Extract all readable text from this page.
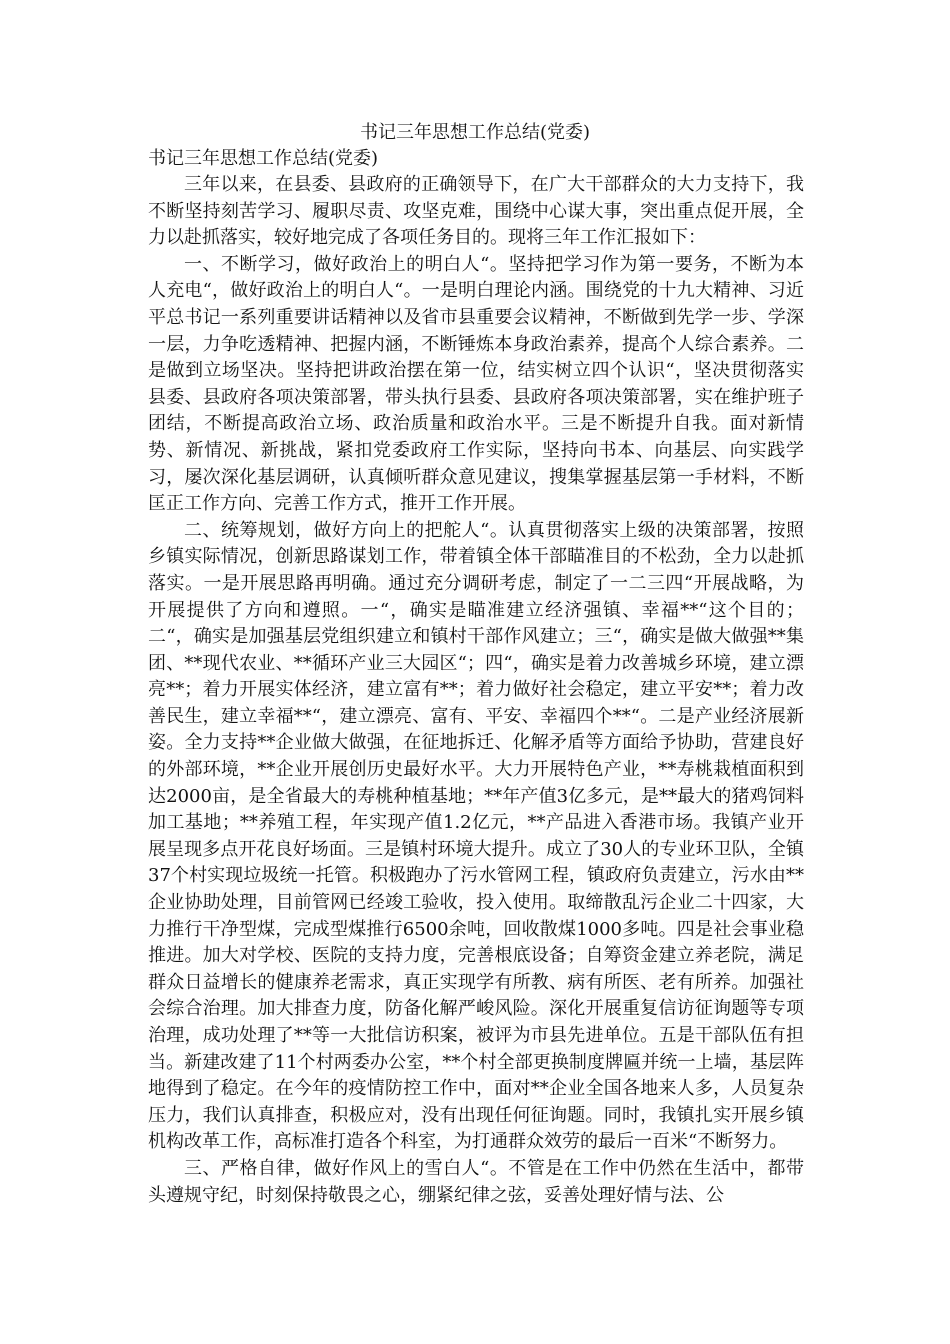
书记三年思想工作总结(党委)
书记三年思想工作总结(党委)

三年以来，在县委、县政府的正确领导下，在广大干部群众的大力支持下，我不断坚持刻苦学习、履职尽责、攻坚克难，围绕中心谋大事，突出重点促开展，全力以赴抓落实，较好地完成了各项任务目的。现将三年工作汇报如下：

一、不断学习，做好政治上的明白人“。坚持把学习作为第一要务，不断为本人充电“，做好政治上的明白人“。一是明白理论内涵。围绕党的十九大精神、习近平总书记一系列重要讲话精神以及省市县重要会议精神，不断做到先学一步、学深一层，力争吃透精神、把握内涵，不断锤炼本身政治素养，提高个人综合素养。二是做到立场坚决。坚持把讲政治摆在第一位，结实树立四个认识“，坚决贯彻落实县委、县政府各项决策部署，带头执行县委、县政府各项决策部署，实在维护班子团结，不断提高政治立场、政治质量和政治水平。三是不断提升自我。面对新情势、新情况、新挑战，紧扣党委政府工作实际，坚持向书本、向基层、向实践学习，屡次深化基层调研，认真倾听群众意见建议，搜集掌握基层第一手材料，不断匡正工作方向、完善工作方式，推开工作开展。

二、统筹规划，做好方向上的把舵人“。认真贯彻落实上级的决策部署，按照乡镇实际情况，创新思路谋划工作，带着镇全体干部瞄准目的不松劲，全力以赴抓落实。一是开展思路再明确。通过充分调研考虑，制定了一二三四“开展战略，为开展提供了方向和遵照。一“，确实是瞄准建立经济强镇、幸福**“这个目的；二“，确实是加强基层党组织建立和镇村干部作风建立；三“，确实是做大做强**集团、**现代农业、**循环产业三大园区“；四“，确实是着力改善城乡环境，建立漂亮**；着力开展实体经济，建立富有**；着力做好社会稳定，建立平安**；着力改善民生，建立幸福**“，建立漂亮、富有、平安、幸福四个**“。二是产业经济展新姿。全力支持**企业做大做强，在征地拆迁、化解矛盾等方面给予协助，营建良好的外部环境，**企业开展创历史最好水平。大力开展特色产业，**寿桃栽植面积到达2000亩，是全省最大的寿桃种植基地；**年产值3亿多元，是**最大的猪鸡饲料加工基地；**养殖工程，年实现产值1.2亿元，**产品进入香港市场。我镇产业开展呈现多点开花良好场面。三是镇村环境大提升。成立了30人的专业环卫队，全镇37个村实现垃圾统一托管。积极跑办了污水管网工程，镇政府负责建立，污水由**企业协助处理，目前管网已经竣工验收，投入使用。取缔散乱污企业二十四家，大力推行干净型煤，完成型煤推行6500余吨，回收散煤1000多吨。四是社会事业稳推进。加大对学校、医院的支持力度，完善根底设备；自筹资金建立养老院，满足群众日益增长的健康养老需求，真正实现学有所教、病有所医、老有所养。加强社会综合治理。加大排查力度，防备化解严峻风险。深化开展重复信访征询题等专项治理，成功处理了**等一大批信访积案，被评为市县先进单位。五是干部队伍有担当。新建改建了11个村两委办公室，**个村全部更换制度牌匾并统一上墙，基层阵地得到了稳定。在今年的疫情防控工作中，面对**企业全国各地来人多，人员复杂压力，我们认真排查，积极应对，没有出现任何征询题。同时，我镇扎实开展乡镇机构改革工作，高标准打造各个科室，为打通群众效劳的最后一百米“不断努力。

三、严格自律，做好作风上的雪白人“。不管是在工作中仍然在生活中，都带头遵规守纪，时刻保持敬畏之心，绷紧纪律之弦，妥善处理好情与法、公
